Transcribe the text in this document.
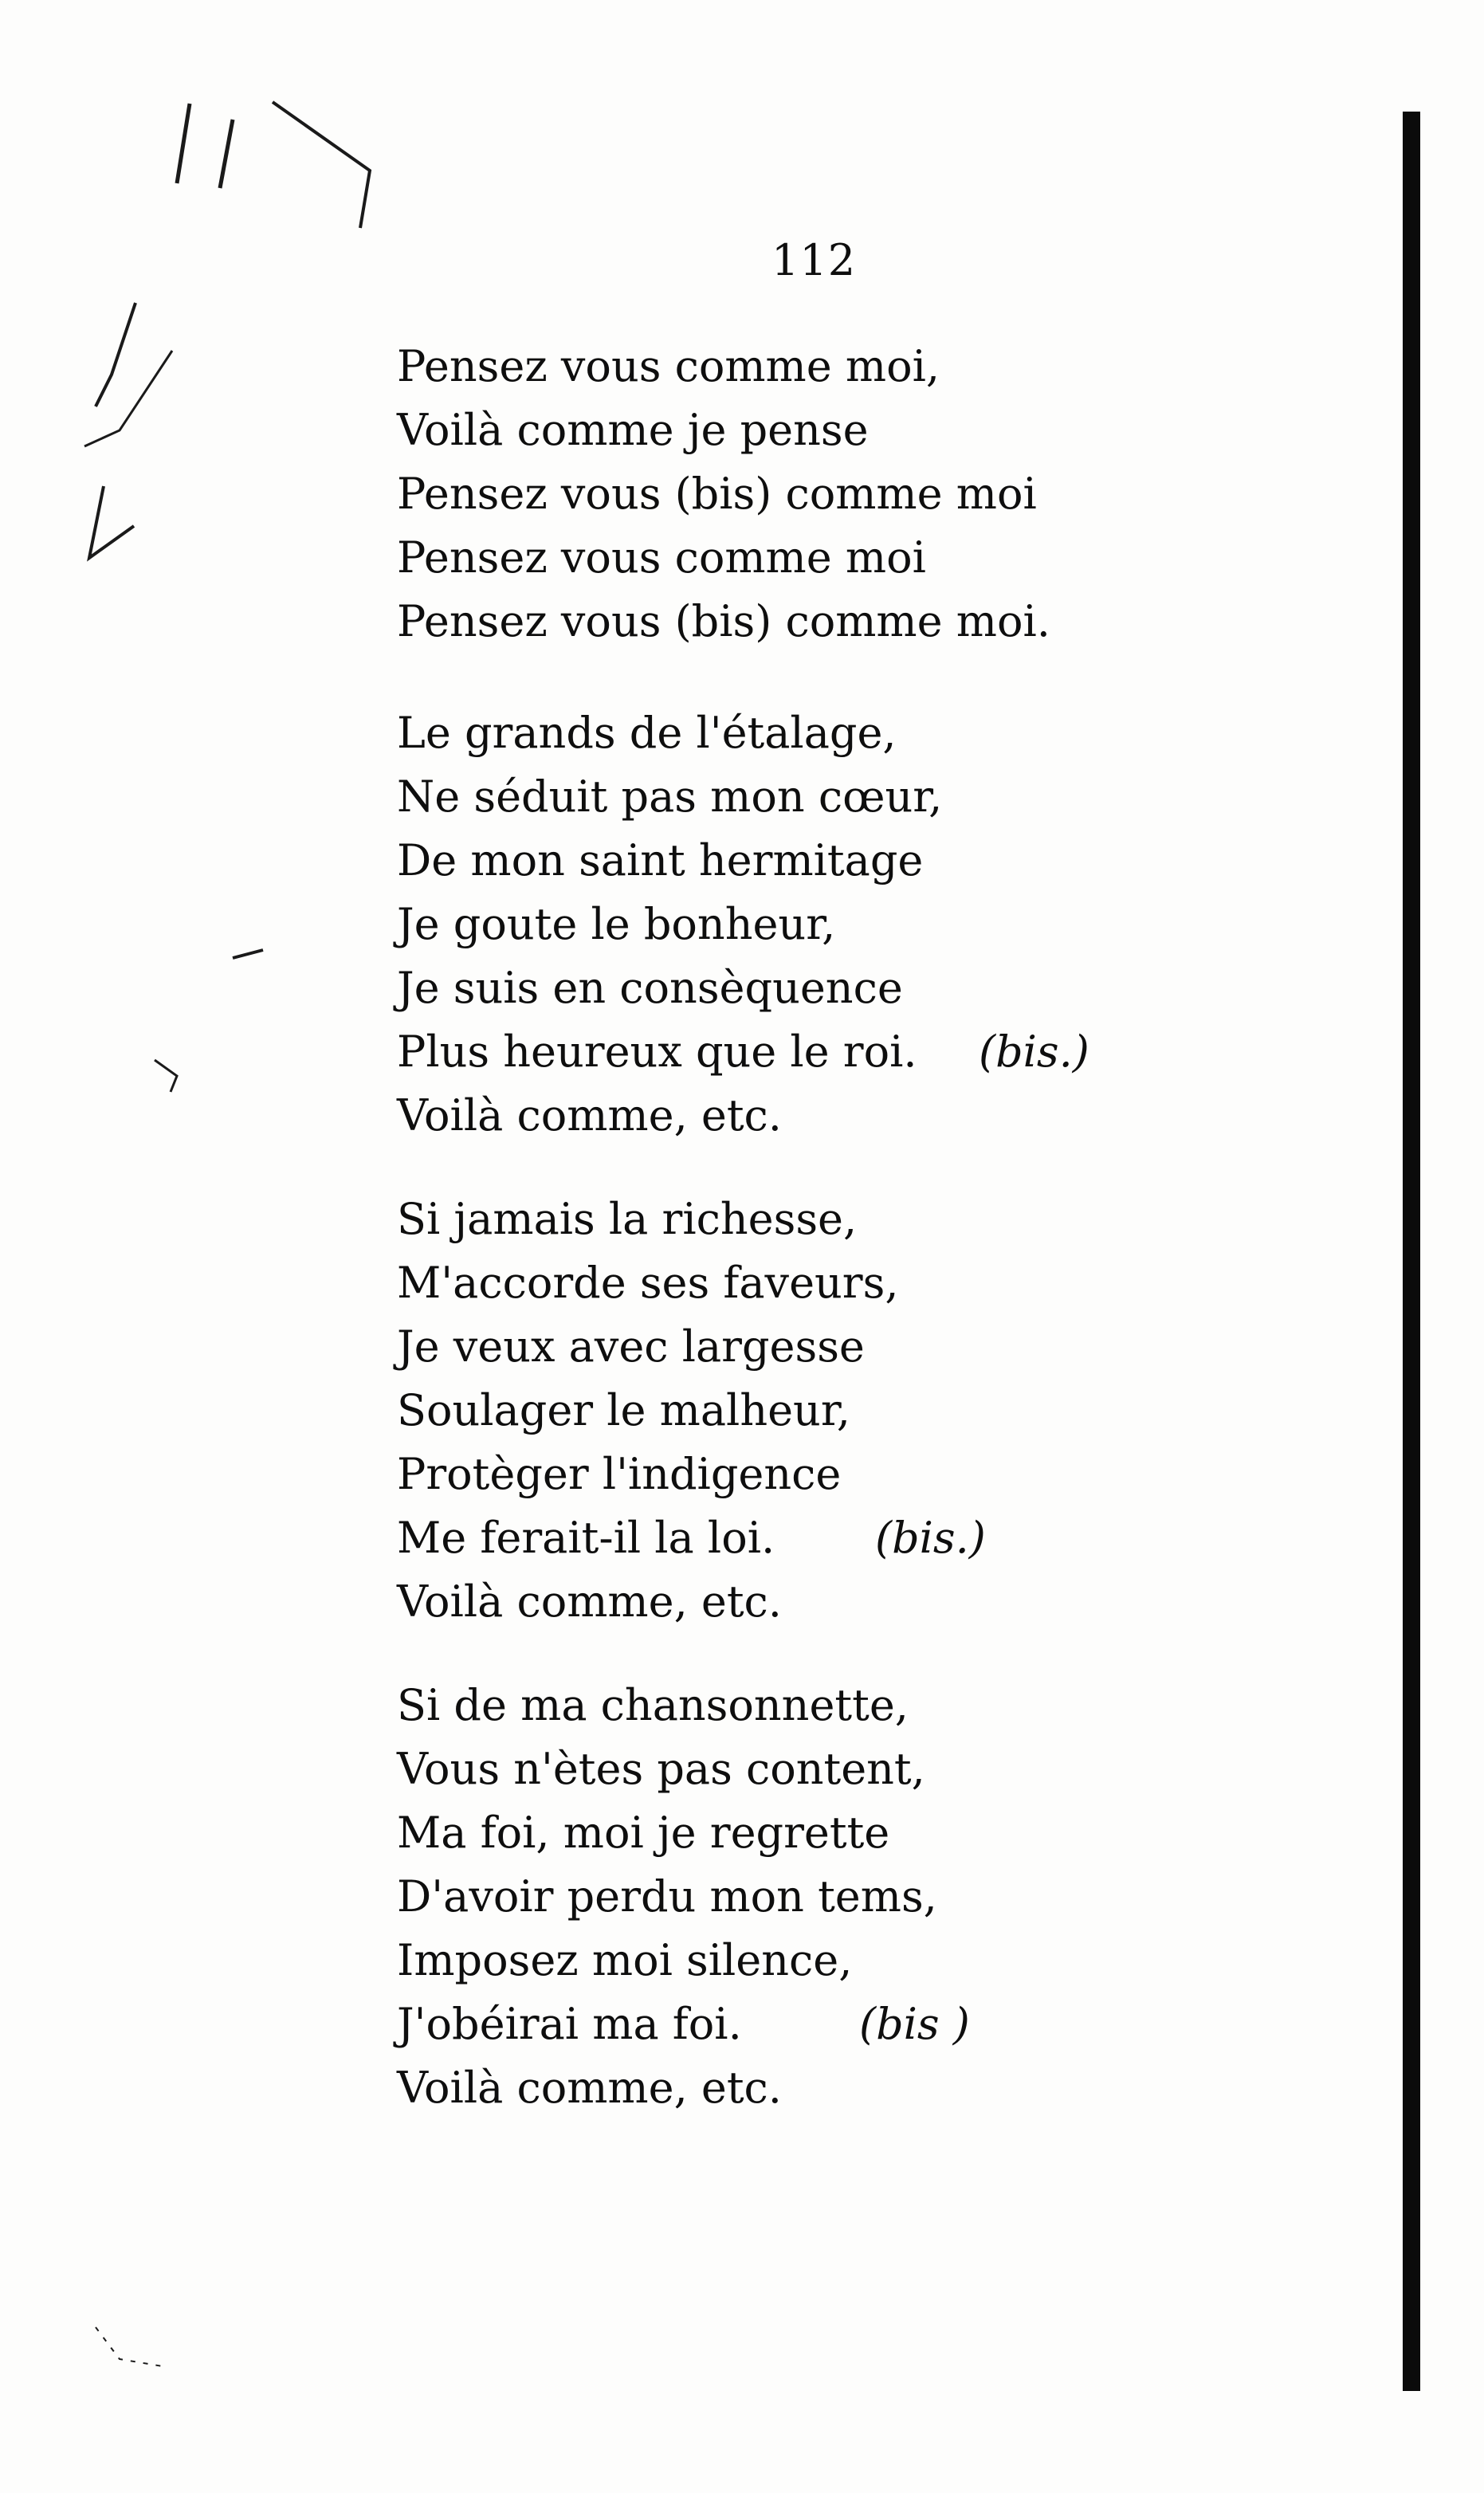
112
Pensez vous comme moi,
Voilà comme je pense
Pensez vous (bis) comme moi
Pensez vous comme moi
Pensez vous (bis) comme moi.
Le grands de l'étalage,
Ne séduit pas mon cœur,
De mon saint hermitage
Je goute le bonheur,
Je suis en consèquence
Plus heureux que le roi. (bis.)
Voilà comme, etc.
Si jamais la richesse,
M'accorde ses faveurs,
Je veux avec largesse
Soulager le malheur,
Protèger l'indigence
Me ferait-il la loi. (bis.)
Voilà comme, etc.
Si de ma chansonnette,
Vous n'ètes pas content,
Ma foi, moi je regrette
D'avoir perdu mon tems,
Imposez moi silence,
J'obéirai ma foi.	(bis )
Voilà comme, etc.
